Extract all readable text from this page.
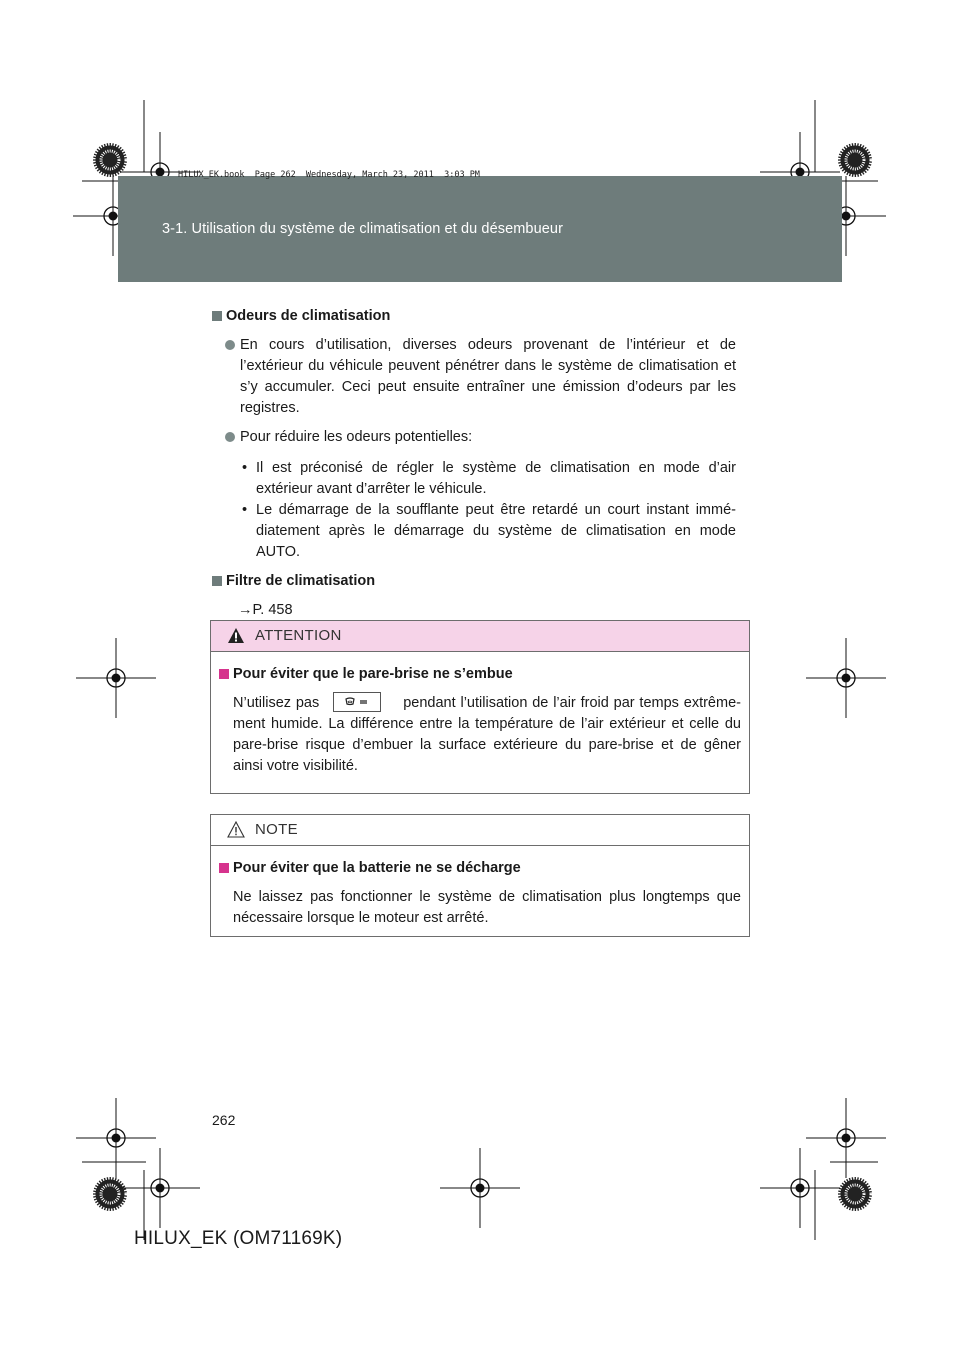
HILUX_EK.book  Page 262  Wednesday, March 23, 2011  3:03 PM
3-1. Utilisation du système de climatisation et du désembueur
Odeurs de climatisation
En cours d’utilisation, diverses odeurs provenant de l’intérieur et de l’extérieur du véhicule peuvent pénétrer dans le système de climatisation et s’y accumuler. Ceci peut ensuite entraîner une émission d’odeurs par les registres.
Pour réduire les odeurs potentielles:
• Il est préconisé de régler le système de climatisation en mode d’air extérieur avant d’arrêter le véhicule.
• Le démarrage de la soufflante peut être retardé un court instant immédiatement après le démarrage du système de climatisation en mode AUTO.
Filtre de climatisation
→P. 458
ATTENTION
Pour éviter que le pare-brise ne s’embue

N’utilisez pas	pendant l’utilisation de l’air froid par temps extrêmement humide. La différence entre la température de l’air extérieur et celle du pare-brise risque d’embuer la surface extérieure du pare-brise et de gêner ainsi votre visibilité.

NOTE
Pour éviter que la batterie ne se décharge

Ne laissez pas fonctionner le système de climatisation plus longtemps que nécessaire lorsque le moteur est arrêté.

262
HILUX_EK (OM71169K)
